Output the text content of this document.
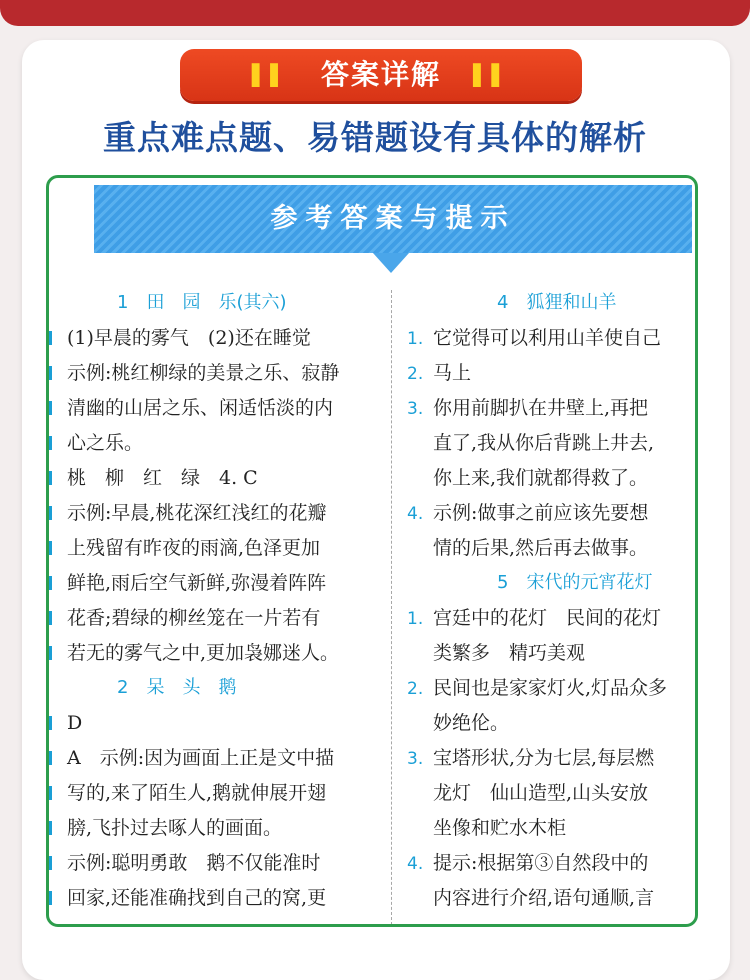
▌▌ 答案详解 ▌▌
重点难点题、易错题设有具体的解析
参考答案与提示
1　田　园　乐(其六)
(1)早晨的雾气　(2)还在睡觉
示例:桃红柳绿的美景之乐、寂静
清幽的山居之乐、闲适恬淡的内
心之乐。
桃　柳　红　绿　4. C
示例:早晨,桃花深红浅红的花瓣
上残留有昨夜的雨滴,色泽更加
鲜艳,雨后空气新鲜,弥漫着阵阵
花香;碧绿的柳丝笼在一片若有
若无的雾气之中,更加袅娜迷人。
2　呆　头　鹅
D
A　示例:因为画面上正是文中描
写的,来了陌生人,鹅就伸展开翅
膀,飞扑过去啄人的画面。
示例:聪明勇敢　鹅不仅能准时
回家,还能准确找到自己的窝,更
4　狐狸和山羊
1. 它觉得可以利用山羊使自己
2. 马上
3. 你用前脚扒在井壁上,再把
直了,我从你后背跳上井去,
你上来,我们就都得救了。
4. 示例:做事之前应该先要想
情的后果,然后再去做事。
5　宋代的元宵花灯
1. 宫廷中的花灯　民间的花灯
类繁多　精巧美观
2. 民间也是家家灯火,灯品众多
妙绝伦。
3. 宝塔形状,分为七层,每层燃
龙灯　仙山造型,山头安放
坐像和贮水木柜
4. 提示:根据第③自然段中的
内容进行介绍,语句通顺,言
